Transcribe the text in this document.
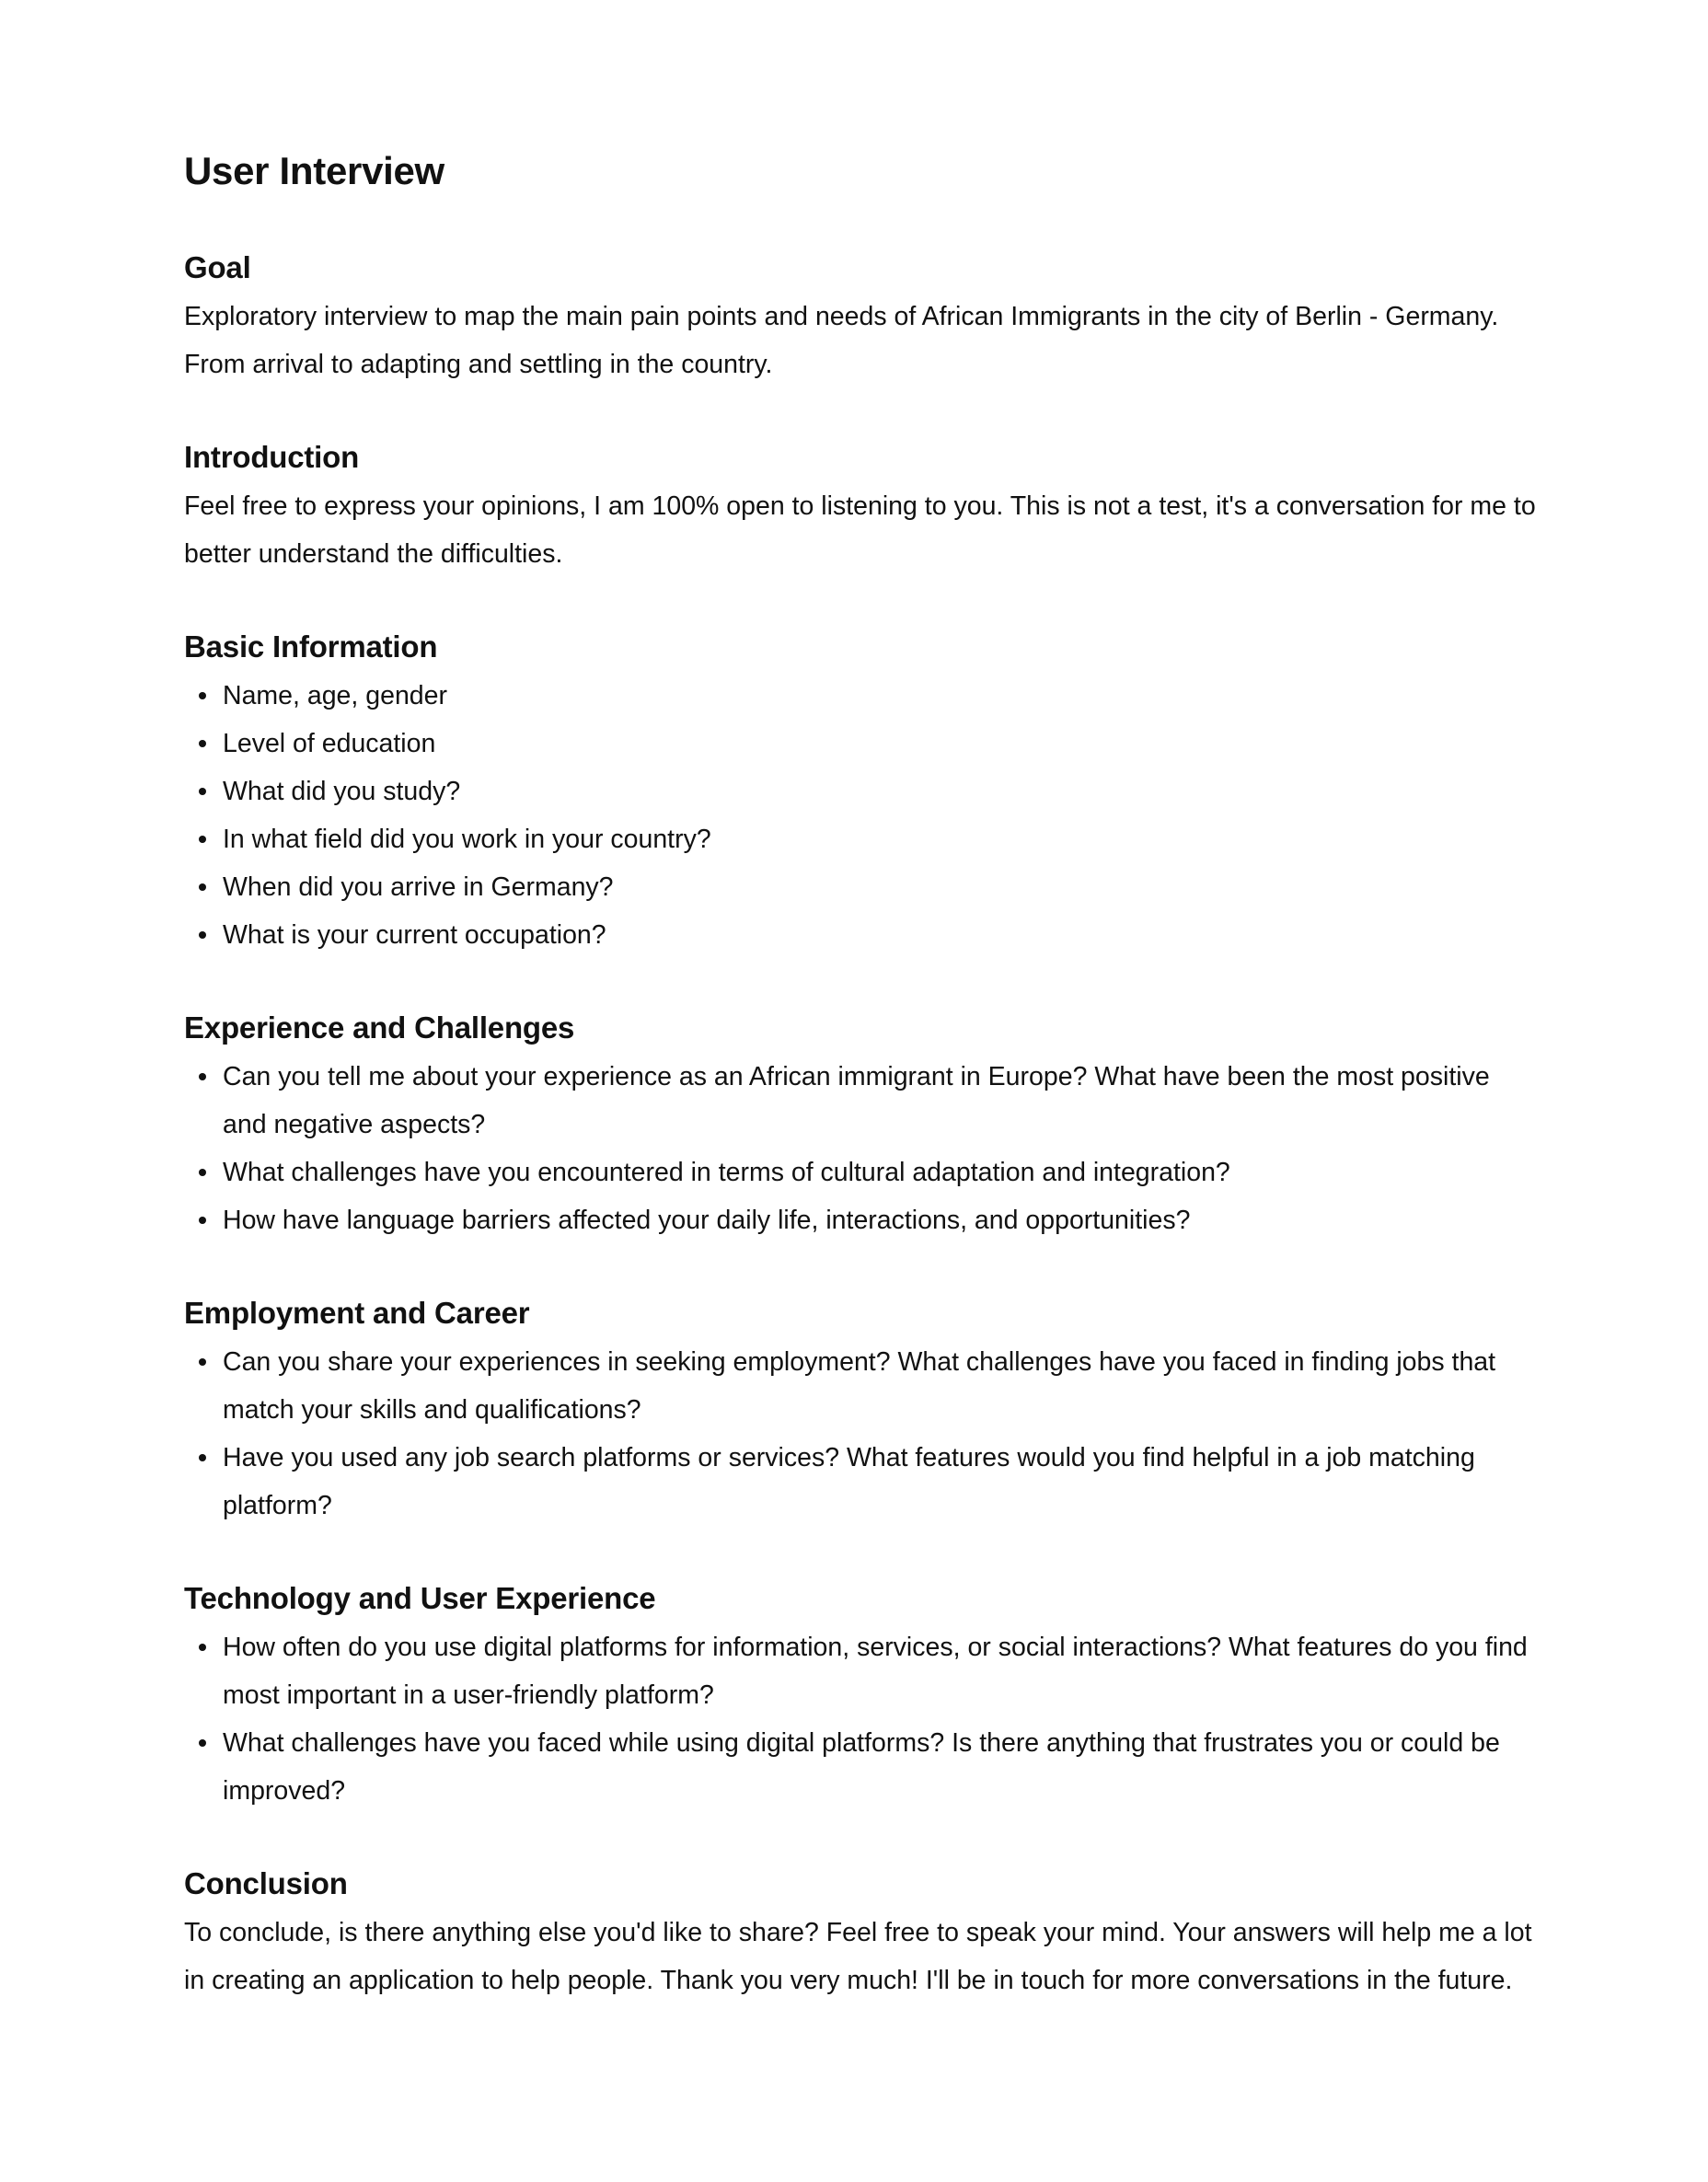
User Interview
Goal

Exploratory interview to map the main pain points and needs of African Immigrants in the city of Berlin - Germany. From arrival to adapting and settling in the country.

Introduction

Feel free to express your opinions, I am 100% open to listening to you. This is not a test, it's a conversation for me to better understand the difficulties.

Basic Information
Name, age, gender
Level of education
What did you study?
In what field did you work in your country?
When did you arrive in Germany?
What is your current occupation?
Experience and Challenges
Can you tell me about your experience as an African immigrant in Europe? What have been the most positive and negative aspects?
What challenges have you encountered in terms of cultural adaptation and integration?
How have language barriers affected your daily life, interactions, and opportunities?
Employment and Career
Can you share your experiences in seeking employment? What challenges have you faced in finding jobs that match your skills and qualifications?
Have you used any job search platforms or services? What features would you find helpful in a job matching platform?
Technology and User Experience
How often do you use digital platforms for information, services, or social interactions? What features do you find most important in a user-friendly platform?
What challenges have you faced while using digital platforms? Is there anything that frustrates you or could be improved?
Conclusion

To conclude, is there anything else you'd like to share? Feel free to speak your mind. Your answers will help me a lot in creating an application to help people. Thank you very much! I'll be in touch for more conversations in the future.
